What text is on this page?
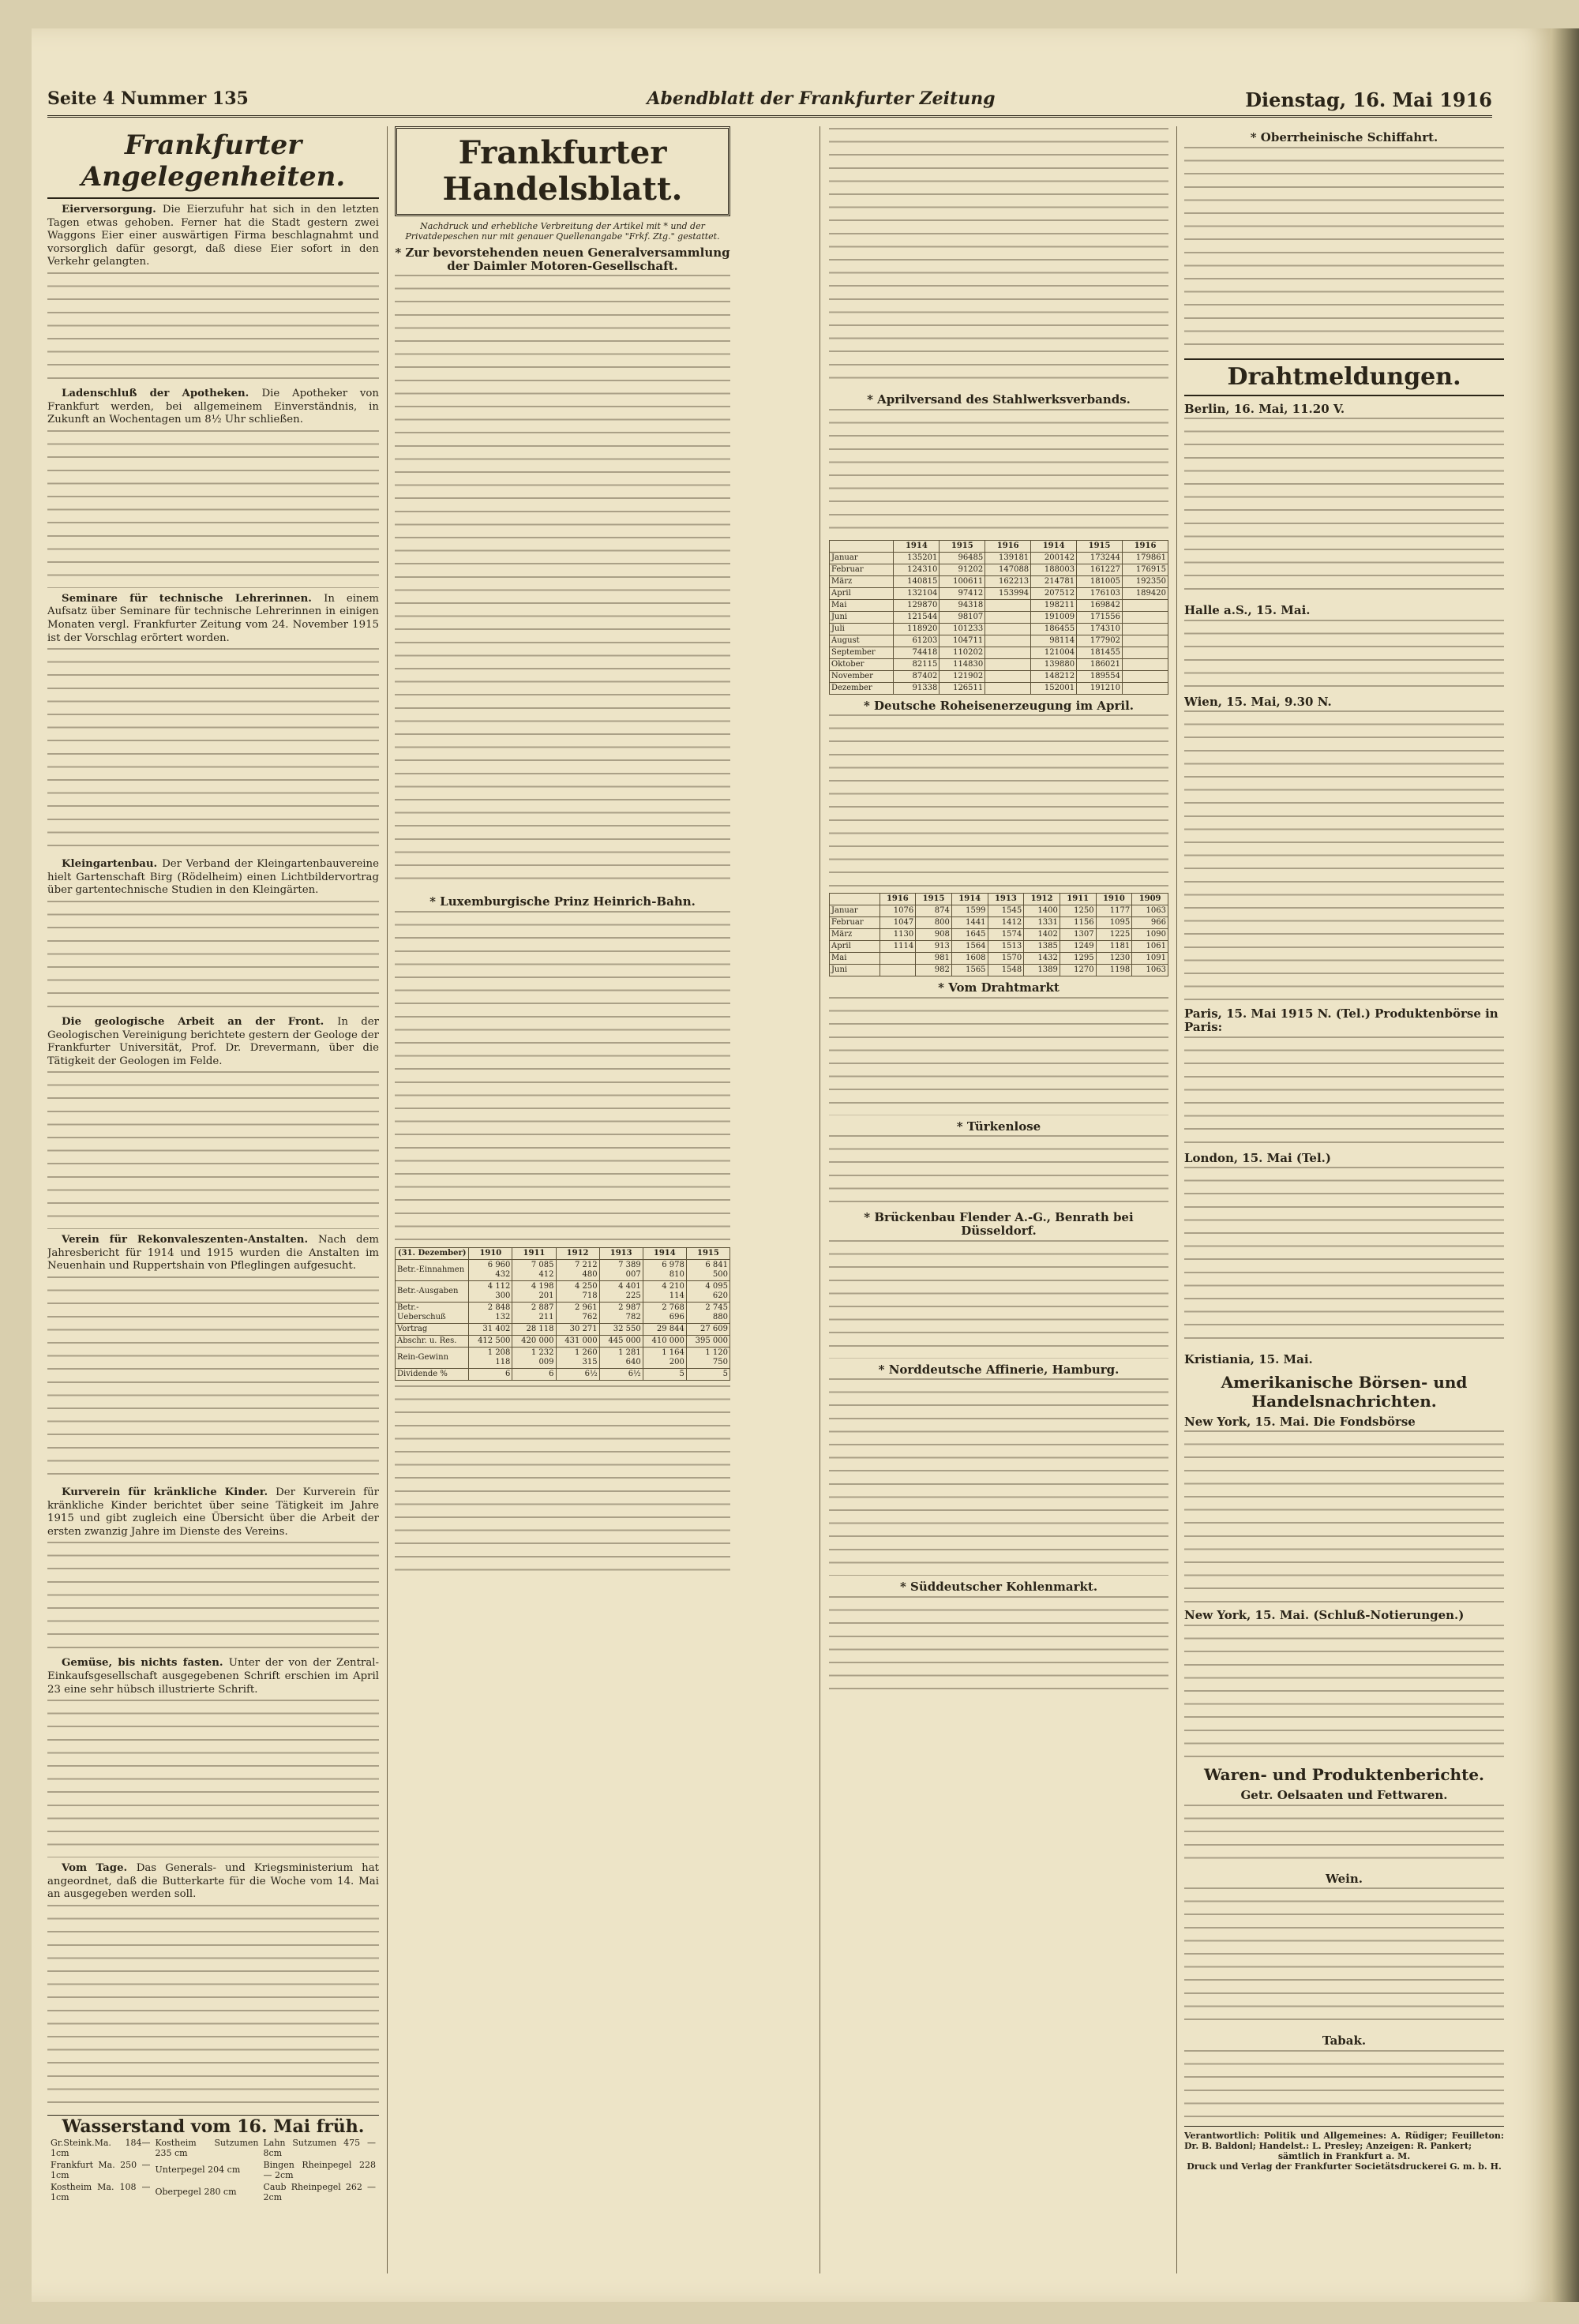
Seite 4 Nummer 135	Abendblatt der Frankfurter Zeitung	Dienstag, 16. Mai 1916
Frankfurter Angelegenheiten.

Eierversorgung. Die Eierzufuhr hat sich in den letzten Tagen etwas gehoben. Ferner hat die Stadt gestern zwei Waggons Eier einer auswärtigen Firma beschlagnahmt und vorsorglich dafür gesorgt, daß diese Eier sofort in den Verkehr gelangten.

Ladenschluß der Apotheken. Die Apotheker von Frankfurt werden, bei allgemeinem Einverständnis, in Zukunft an Wochentagen um 8½ Uhr schließen.

Seminare für technische Lehrerinnen. In einem Aufsatz über Seminare für technische Lehrerinnen in einigen Monaten vergl. Frankfurter Zeitung vom 24. November 1915 ist der Vorschlag erörtert worden.

Kleingartenbau. Der Verband der Kleingartenbauvereine hielt Gartenschaft Birg (Rödelheim) einen Lichtbildervortrag über gartentechnische Studien in den Kleingärten.

Die geologische Arbeit an der Front. In der Geologischen Vereinigung berichtete gestern der Geologe der Frankfurter Universität, Prof. Dr. Drevermann, über die Tätigkeit der Geologen im Felde.

Verein für Rekonvaleszenten-Anstalten. Nach dem Jahresbericht für 1914 und 1915 wurden die Anstalten im Neuenhain und Ruppertshain von Pfleglingen aufgesucht.

Kurverein für kränkliche Kinder. Der Kurverein für kränkliche Kinder berichtet über seine Tätigkeit im Jahre 1915 und gibt zugleich eine Übersicht über die Arbeit der ersten zwanzig Jahre im Dienste des Vereins.

Gemüse, bis nichts fasten. Unter der von der Zentral-Einkaufsgesellschaft ausgegebenen Schrift erschien im April 23 eine sehr hübsch illustrierte Schrift.

Vom Tage. Das Generals- und Kriegsministerium hat angeordnet, daß die Butterkarte für die Woche vom 14. Mai an ausgegeben werden soll.

Wasserstand vom 16. Mai früh.
Gr.Steink.Ma. 184— 1cm	Kostheim Sutzumen 235 cm	Lahn Sutzumen 475 — 8cm
Frankfurt Ma. 250 — 1cm	Unterpegel 204 cm	Bingen Rheinpegel 228 — 2cm
Kostheim Ma. 108 — 1cm	Oberpegel 280 cm	Caub Rheinpegel 262 — 2cm
Frankfurter Handelsblatt.
Nachdruck und erhebliche Verbreitung der Artikel mit * und der Privatdepeschen nur mit genauer Quellenangabe "Frkf. Ztg." gestattet.
* Zur bevorstehenden neuen Generalversammlung der Daimler Motoren-Gesellschaft.
* Luxemburgische Prinz Heinrich-Bahn.
(31. Dezember)	1910	1911	1912	1913	1914	1915
Betr.-Einnahmen	6 960 432	7 085 412	7 212 480	7 389 007	6 978 810	6 841 500
Betr.-Ausgaben	4 112 300	4 198 201	4 250 718	4 401 225	4 210 114	4 095 620
Betr.-Ueberschuß	2 848 132	2 887 211	2 961 762	2 987 782	2 768 696	2 745 880
Vortrag	31 402	28 118	30 271	32 550	29 844	27 609
Abschr. u. Res.	412 500	420 000	431 000	445 000	410 000	395 000
Rein-Gewinn	1 208 118	1 232 009	1 260 315	1 281 640	1 164 200	1 120 750
Dividende %	6	6	6½	6½	5	5
* Aprilversand des Stahlwerksverbands.
	1914	1915	1916	1914	1915	1916
Januar	135201	96485	139181	200142	173244	179861
Februar	124310	91202	147088	188003	161227	176915
März	140815	100611	162213	214781	181005	192350
April	132104	97412	153994	207512	176103	189420
Mai	129870	94318		198211	169842	
Juni	121544	98107		191009	171556	
Juli	118920	101233		186455	174310	
August	61203	104711		98114	177902	
September	74418	110202		121004	181455	
Oktober	82115	114830		139880	186021	
November	87402	121902		148212	189554	
Dezember	91338	126511		152001	191210	
* Deutsche Roheisenerzeugung im April.
	1916	1915	1914	1913	1912	1911	1910	1909
Januar	1076	874	1599	1545	1400	1250	1177	1063
Februar	1047	800	1441	1412	1331	1156	1095	966
März	1130	908	1645	1574	1402	1307	1225	1090
April	1114	913	1564	1513	1385	1249	1181	1061
Mai		981	1608	1570	1432	1295	1230	1091
Juni		982	1565	1548	1389	1270	1198	1063
* Vom Drahtmarkt
* Türkenlose
* Brückenbau Flender A.-G., Benrath bei Düsseldorf.
* Norddeutsche Affinerie, Hamburg.
* Süddeutscher Kohlenmarkt.
* Oberrheinische Schiffahrt.
Drahtmeldungen.
Berlin, 16. Mai, 11.20 V.
Halle a.S., 15. Mai.
Wien, 15. Mai, 9.30 N.
Paris, 15. Mai 1915 N. (Tel.) Produktenbörse in Paris:
London, 15. Mai (Tel.)
Kristiania, 15. Mai.
Amerikanische Börsen- und Handelsnachrichten.
New York, 15. Mai. Die Fondsbörse
New York, 15. Mai. (Schluß-Notierungen.)
Waren- und Produktenberichte.
Getr. Oelsaaten und Fettwaren.
Wein.
Tabak.
Verantwortlich: Politik und Allgemeines: A. Rüdiger; Feuilleton: Dr. B. Baldonl; Handelst.: L. Presley; Anzeigen: R. Pankert;
sämtlich in Frankfurt a. M.
Druck und Verlag der Frankfurter Societätsdruckerei G. m. b. H.
